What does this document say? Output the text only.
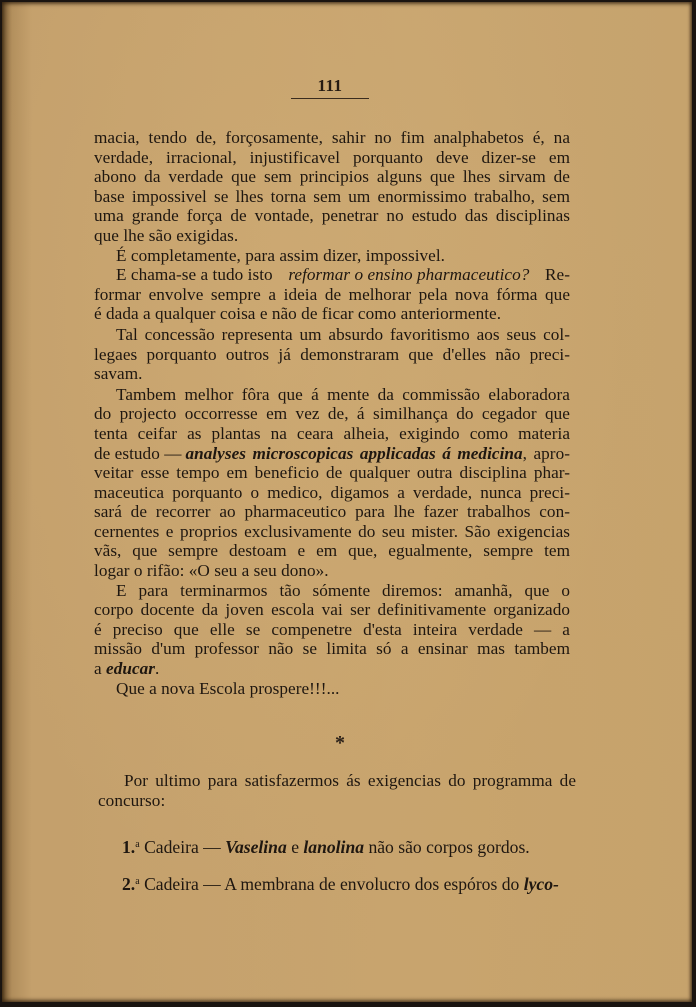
111
macia, tendo de, forçosamente, sahir no fim analphabetos é, na
verdade, irracional, injustificavel porquanto deve dizer-se em
abono da verdade que sem principios alguns que lhes sirvam de
base impossivel se lhes torna sem um enormissimo trabalho, sem
uma grande força de vontade, penetrar no estudo das disciplinas
que lhe são exigidas.
É completamente, para assim dizer, impossivel.
E chama-se a tudo isto reformar o ensino pharmaceutico? Re-
formar envolve sempre a ideia de melhorar pela nova fórma que
é dada a qualquer coisa e não de ficar como anteriormente.
Tal concessão representa um absurdo favoritismo aos seus col-
legaes porquanto outros já demonstraram que d'elles não preci-
savam.
Tambem melhor fôra que á mente da commissão elaboradora
do projecto occorresse em vez de, á similhança do cegador que
tenta ceifar as plantas na ceara alheia, exigindo como materia
de estudo — analyses microscopicas applicadas á medicina, apro-
veitar esse tempo em beneficio de qualquer outra disciplina phar-
maceutica porquanto o medico, digamos a verdade, nunca preci-
sará de recorrer ao pharmaceutico para lhe fazer trabalhos con-
cernentes e proprios exclusivamente do seu mister. São exigencias
vãs, que sempre destoam e em que, egualmente, sempre tem
logar o rifão: «O seu a seu dono».
E para terminarmos tão sómente diremos: amanhã, que o
corpo docente da joven escola vai ser definitivamente organizado
é preciso que elle se compenetre d'esta inteira verdade — a
missão d'um professor não se limita só a ensinar mas tambem
a educar.
Que a nova Escola prospere!!!...
*
Por ultimo para satisfazermos ás exigencias do programma de
concurso:
1.$^a$ Cadeira — Vaselina e lanolina não são corpos gordos.
2.$^a$ Cadeira — A membrana de envolucro dos espóros do lyco-
